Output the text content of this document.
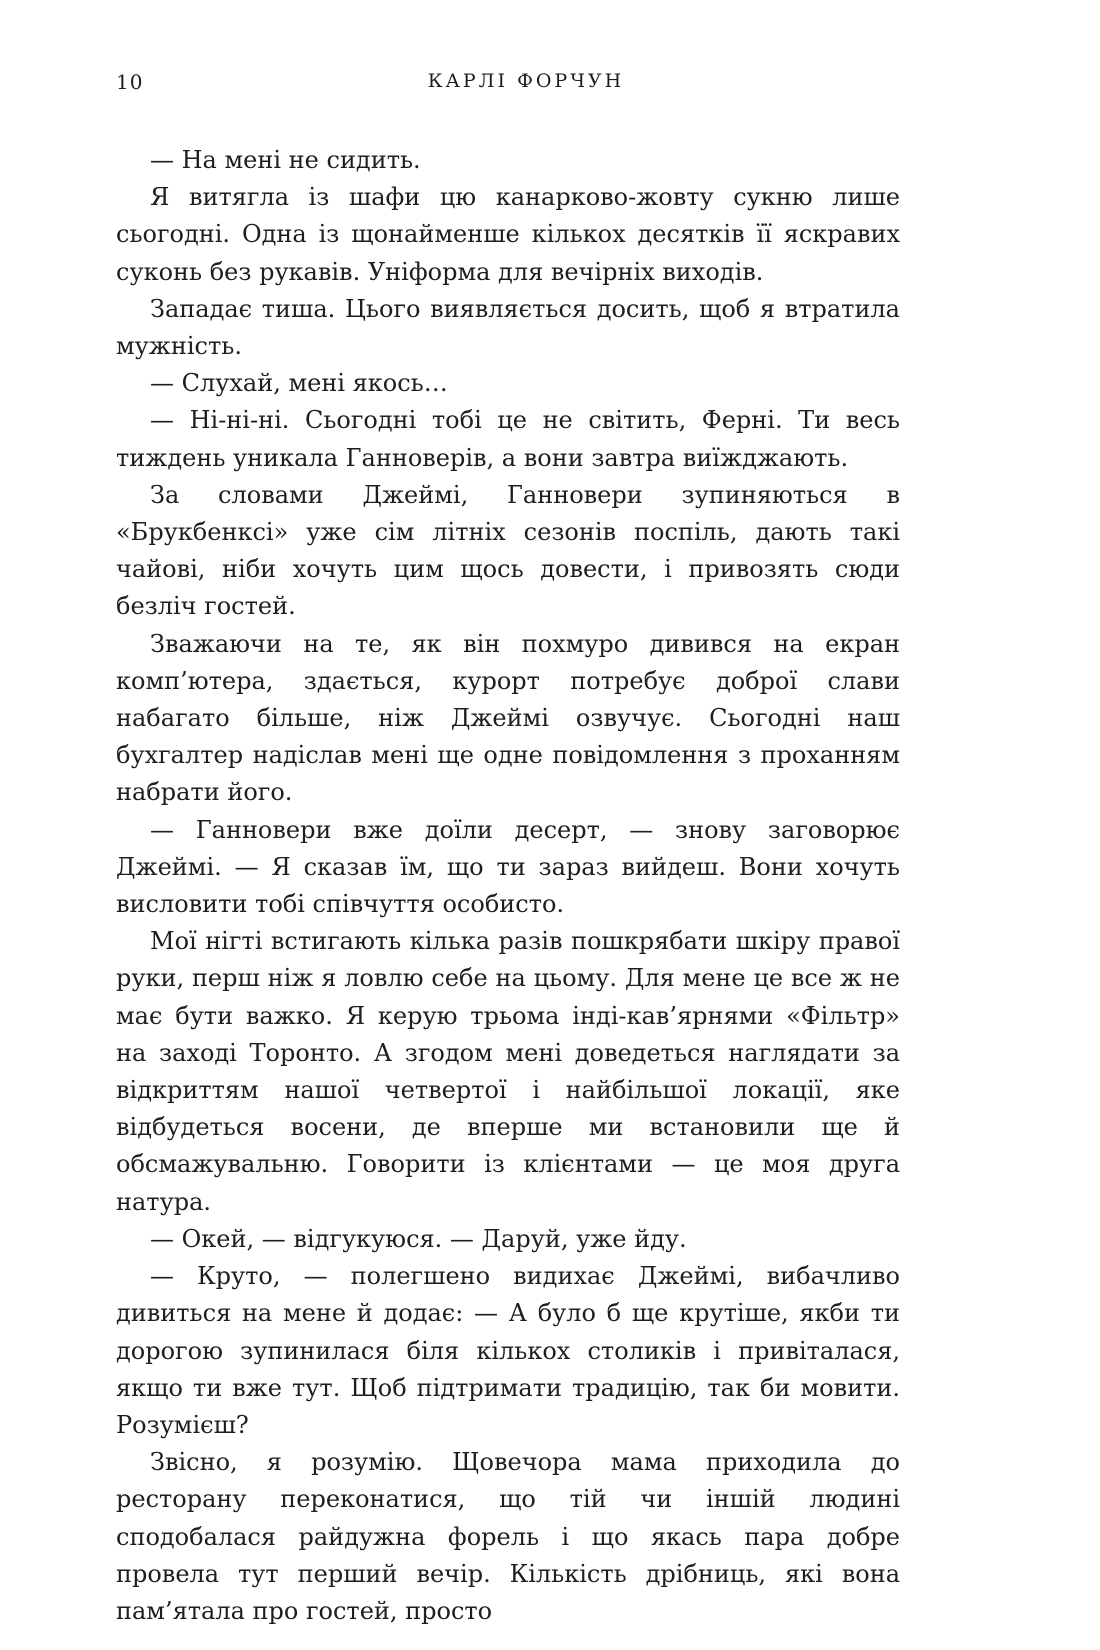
10	КАРЛІ ФОРЧУН

— На мені не сидить.

Я витягла із шафи цю канарково-жовту сукню лише сьогодні. Одна із щонайменше кількох десятків її яскравих суконь без рукавів. Уніформа для вечірніх виходів.

Западає тиша. Цього виявляється досить, щоб я втратила мужність.

— Слухай, мені якось…

— Ні-ні-ні. Сьогодні тобі це не світить, Ферні. Ти весь тиждень уникала Ганноверів, а вони завтра виїжджають.

За словами Джеймі, Ганновери зупиняються в «Брукбенксі» уже сім літніх сезонів поспіль, дають такі чайові, ніби хочуть цим щось довести, і привозять сюди безліч гостей.

Зважаючи на те, як він похмуро дивився на екран комп’ютера, здається, курорт потребує доброї слави набагато більше, ніж Джеймі озвучує. Сьогодні наш бухгалтер надіслав мені ще одне повідомлення з проханням набрати його.

— Ганновери вже доїли десерт, — знову заговорює Джеймі. — Я сказав їм, що ти зараз вийдеш. Вони хочуть висловити тобі співчуття особисто.

Мої нігті встигають кілька разів пошкрябати шкіру правої руки, перш ніж я ловлю себе на цьому. Для мене це все ж не має бути важко. Я керую трьома інді-кав’ярнями «Фільтр» на заході Торонто. А згодом мені доведеться наглядати за відкриттям нашої четвертої і найбільшої локації, яке відбудеться восени, де вперше ми встановили ще й обсмажувальню. Говорити із клієнтами — це моя друга натура.

— Окей, — відгукуюся. — Даруй, уже йду.

— Круто, — полегшено видихає Джеймі, вибачливо дивиться на мене й додає: — А було б ще крутіше, якби ти дорогою зупинилася біля кількох столиків і привіталася, якщо ти вже тут. Щоб підтримати традицію, так би мовити. Розумієш?

Звісно, я розумію. Щовечора мама приходила до ресторану переконатися, що тій чи іншій людині сподобалася райдужна форель і що якась пара добре провела тут перший вечір. Кількість дрібниць, які вона пам’ятала про гостей, просто
